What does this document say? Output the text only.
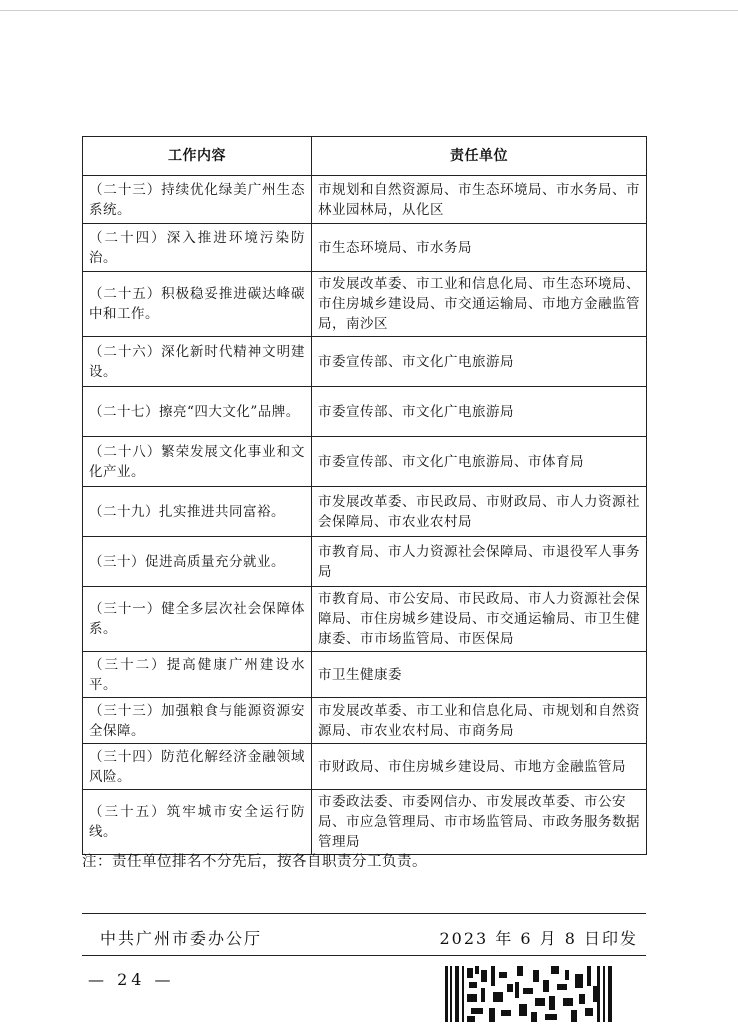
工作内容	责任单位
（二十三）持续优化绿美广州生态系统。	市规划和自然资源局、市生态环境局、市水务局、市林业园林局，从化区
（二十四）深入推进环境污染防治。	市生态环境局、市水务局
（二十五）积极稳妥推进碳达峰碳中和工作。	市发展改革委、市工业和信息化局、市生态环境局、市住房城乡建设局、市交通运输局、市地方金融监管局，南沙区
（二十六）深化新时代精神文明建设。	市委宣传部、市文化广电旅游局
（二十七）擦亮“四大文化”品牌。	市委宣传部、市文化广电旅游局
（二十八）繁荣发展文化事业和文化产业。	市委宣传部、市文化广电旅游局、市体育局
（二十九）扎实推进共同富裕。	市发展改革委、市民政局、市财政局、市人力资源社会保障局、市农业农村局
（三十）促进高质量充分就业。	市教育局、市人力资源社会保障局、市退役军人事务局
（三十一）健全多层次社会保障体系。	市教育局、市公安局、市民政局、市人力资源社会保障局、市住房城乡建设局、市交通运输局、市卫生健康委、市市场监管局、市医保局
（三十二）提高健康广州建设水平。	市卫生健康委
（三十三）加强粮食与能源资源安全保障。	市发展改革委、市工业和信息化局、市规划和自然资源局、市农业农村局、市商务局
（三十四）防范化解经济金融领域风险。	市财政局、市住房城乡建设局、市地方金融监管局
（三十五）筑牢城市安全运行防线。	市委政法委、市委网信办、市发展改革委、市公安局、市应急管理局、市市场监管局、市政务服务数据管理局
注：责任单位排名不分先后，按各自职责分工负责。
中共广州市委办公厅	2023 年 6 月 8 日印发
— 24 —
